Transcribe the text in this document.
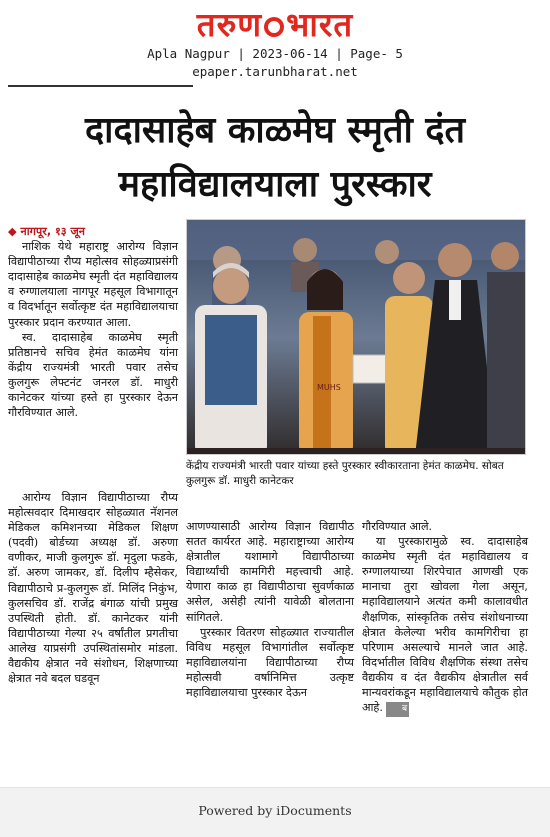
तरुण भारत
Apla Nagpur | 2023-06-14 | Page- 5
epaper.tarunbharat.net
दादासाहेब काळमेघ स्मृती दंत
महाविद्यालयाला पुरस्कार
MUHS
केंद्रीय राज्यमंत्री भारती पवार यांच्या हस्ते पुरस्कार स्वीकारताना हेमंत काळमेघ. सोबत कुलगुरू डॉ. माधुरी कानेटकर

◆ नागपूर, १३ जून

नाशिक येथे महाराष्ट्र आरोग्य विज्ञान विद्यापीठाच्या रौप्य महोत्सव सोहळ्याप्रसंगी दादासाहेब काळमेघ स्मृती दंत महाविद्यालय व रुग्णालयाला नागपूर महसूल विभागातून व विदर्भातून सर्वोत्कृष्ट दंत महाविद्यालयाचा पुरस्कार प्रदान करण्यात आला.

स्व. दादासाहेब काळमेघ स्मृती प्रतिष्ठानचे सचिव हेमंत काळमेघ यांना केंद्रीय राज्यमंत्री भारती पवार तसेच कुलगुरू लेफ्टनंट जनरल डॉ. माधुरी कानेटकर यांच्या हस्ते हा पुरस्कार देऊन गौरविण्यात आले.

आरोग्य विज्ञान विद्यापीठाच्या रौप्य महोत्सवदार दिमाखदार सोहळ्यात नॅशनल मेडिकल कमिशनच्या मेडिकल शिक्षण (पदवी) बोर्डच्या अध्यक्ष डॉ. अरुणा वणीकर, माजी कुलगुरू डॉ. मृदुला फडके, डॉ. अरुण जामकर, डॉ. दिलीप म्हैसेकर, विद्यापीठाचे प्र-कुलगुरू डॉ. मिलिंद निकुंभ, कुलसचिव डॉ. राजेंद्र बंगाळ यांची प्रमुख उपस्थिती होती. डॉ. कानेटकर यांनी विद्यापीठाच्या गेल्या २५ वर्षांतील प्रगतीचा आलेख याप्रसंगी उपस्थितांसमोर मांडला. वैद्यकीय क्षेत्रात नवे संशोधन, शिक्षणाच्या क्षेत्रात नवे बदल घडवून

आणण्यासाठी आरोग्य विज्ञान विद्यापीठ सतत कार्यरत आहे. महाराष्ट्राच्या आरोग्य क्षेत्रातील यशामागे विद्यापीठाच्या विद्यार्थ्यांची कामगिरी महत्त्वाची आहे. येणारा काळ हा विद्यापीठाचा सुवर्णकाळ असेल, असेही त्यांनी यावेळी बोलताना सांगितले.

पुरस्कार वितरण सोहळ्यात राज्यातील विविध महसूल विभागांतील सर्वोत्कृष्ट महाविद्यालयांना विद्यापीठाच्या रौप्य महोत्सवी वर्षानिमित्त उत्कृष्ट महाविद्यालयाचा पुरस्कार देऊन

गौरविण्यात आले.

या पुरस्कारामुळे स्व. दादासाहेब काळमेघ स्मृती दंत महाविद्यालय व रुग्णालयाच्या शिरपेचात आणखी एक मानाचा तुरा खोवला गेला असून, महाविद्यालयाने अत्यंत कमी कालावधीत शैक्षणिक, सांस्कृतिक तसेच संशोधनाच्या क्षेत्रात केलेल्या भरीव कामगिरीचा हा परिणाम असल्याचे मानले जात आहे. विदर्भातील विविध शैक्षणिक संस्था तसेच वैद्यकीय व दंत वैद्यकीय क्षेत्रातील सर्व मान्यवरांकडून महाविद्यालयाचे कौतुक होत आहे. ब

Powered by iDocuments
